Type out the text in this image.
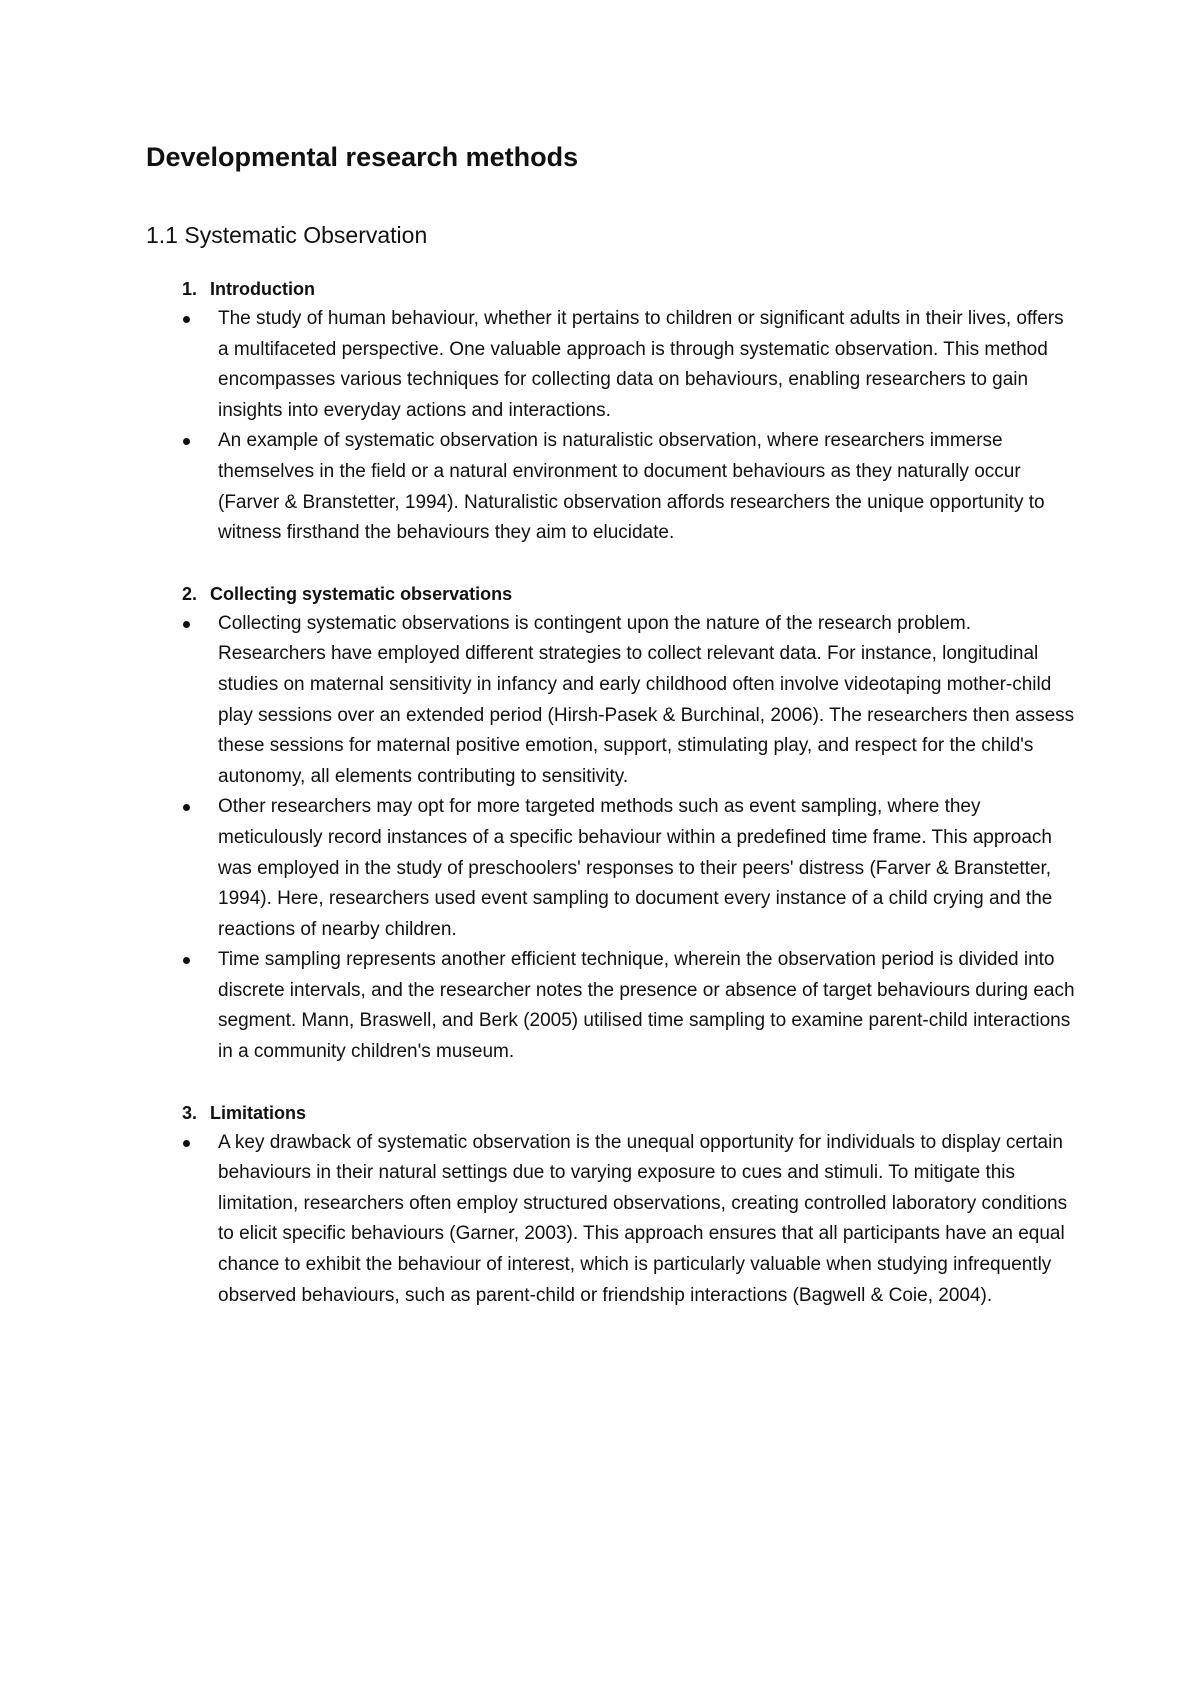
Developmental research methods
1.1 Systematic Observation
1. Introduction
The study of human behaviour, whether it pertains to children or significant adults in their lives, offers a multifaceted perspective. One valuable approach is through systematic observation. This method encompasses various techniques for collecting data on behaviours, enabling researchers to gain insights into everyday actions and interactions.
An example of systematic observation is naturalistic observation, where researchers immerse themselves in the field or a natural environment to document behaviours as they naturally occur (Farver & Branstetter, 1994). Naturalistic observation affords researchers the unique opportunity to witness firsthand the behaviours they aim to elucidate.
2. Collecting systematic observations
Collecting systematic observations is contingent upon the nature of the research problem. Researchers have employed different strategies to collect relevant data. For instance, longitudinal studies on maternal sensitivity in infancy and early childhood often involve videotaping mother-child play sessions over an extended period (Hirsh-Pasek & Burchinal, 2006). The researchers then assess these sessions for maternal positive emotion, support, stimulating play, and respect for the child's autonomy, all elements contributing to sensitivity.
Other researchers may opt for more targeted methods such as event sampling, where they meticulously record instances of a specific behaviour within a predefined time frame. This approach was employed in the study of preschoolers' responses to their peers' distress (Farver & Branstetter, 1994). Here, researchers used event sampling to document every instance of a child crying and the reactions of nearby children.
Time sampling represents another efficient technique, wherein the observation period is divided into discrete intervals, and the researcher notes the presence or absence of target behaviours during each segment. Mann, Braswell, and Berk (2005) utilised time sampling to examine parent-child interactions in a community children's museum.
3. Limitations
A key drawback of systematic observation is the unequal opportunity for individuals to display certain behaviours in their natural settings due to varying exposure to cues and stimuli. To mitigate this limitation, researchers often employ structured observations, creating controlled laboratory conditions to elicit specific behaviours (Garner, 2003). This approach ensures that all participants have an equal chance to exhibit the behaviour of interest, which is particularly valuable when studying infrequently observed behaviours, such as parent-child or friendship interactions (Bagwell & Coie, 2004).
